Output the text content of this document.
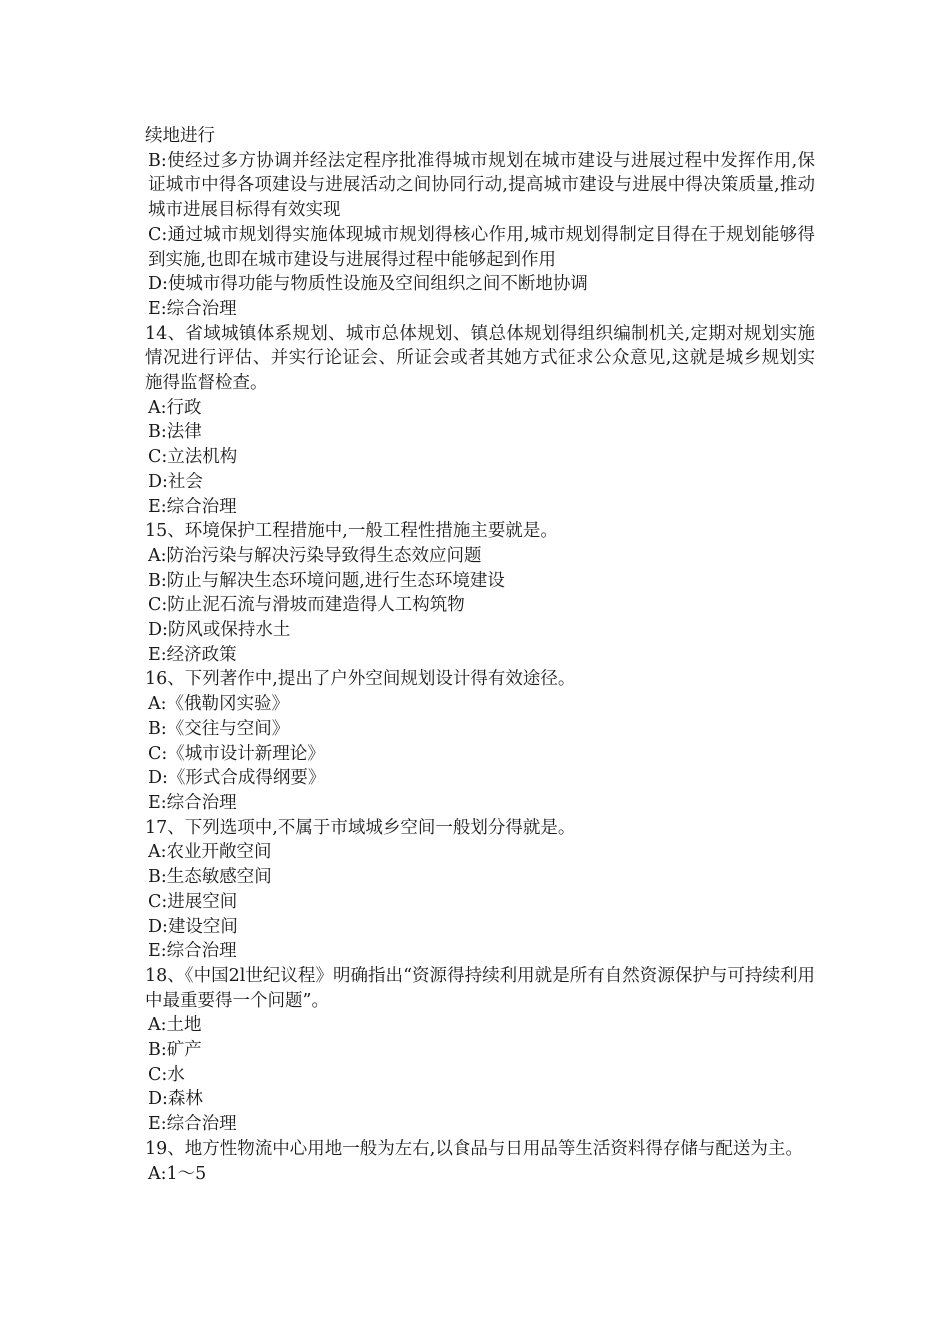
续地进行

B:使经过多方协调并经法定程序批准得城市规划在城市建设与进展过程中发挥作用,保证城市中得各项建设与进展活动之间协同行动,提高城市建设与进展中得决策质量,推动城市进展目标得有效实现

C:通过城市规划得实施体现城市规划得核心作用,城市规划得制定目得在于规划能够得到实施,也即在城市建设与进展得过程中能够起到作用

D:使城市得功能与物质性设施及空间组织之间不断地协调

E:综合治理

14、省域城镇体系规划、城市总体规划、镇总体规划得组织编制机关,定期对规划实施情况进行评估、并实行论证会、所证会或者其她方式征求公众意见,这就是城乡规划实施得监督检查。

A:行政

B:法律

C:立法机构

D:社会

E:综合治理

15、环境保护工程措施中,一般工程性措施主要就是。

A:防治污染与解决污染导致得生态效应问题

B:防止与解决生态环境问题,进行生态环境建设

C:防止泥石流与滑坡而建造得人工构筑物

D:防风或保持水土

E:经济政策

16、下列著作中,提出了户外空间规划设计得有效途径。

A:《俄勒冈实验》

B:《交往与空间》

C:《城市设计新理论》

D:《形式合成得纲要》

E:综合治理

17、下列选项中,不属于市域城乡空间一般划分得就是。

A:农业开敞空间

B:生态敏感空间

C:进展空间

D:建设空间

E:综合治理

18、《中国2l世纪议程》明确指出“资源得持续利用就是所有自然资源保护与可持续利用中最重要得一个问题”。

A:土地

B:矿产

C:水

D:森林

E:综合治理

19、地方性物流中心用地一般为左右,以食品与日用品等生活资料得存储与配送为主。

A:1～5
